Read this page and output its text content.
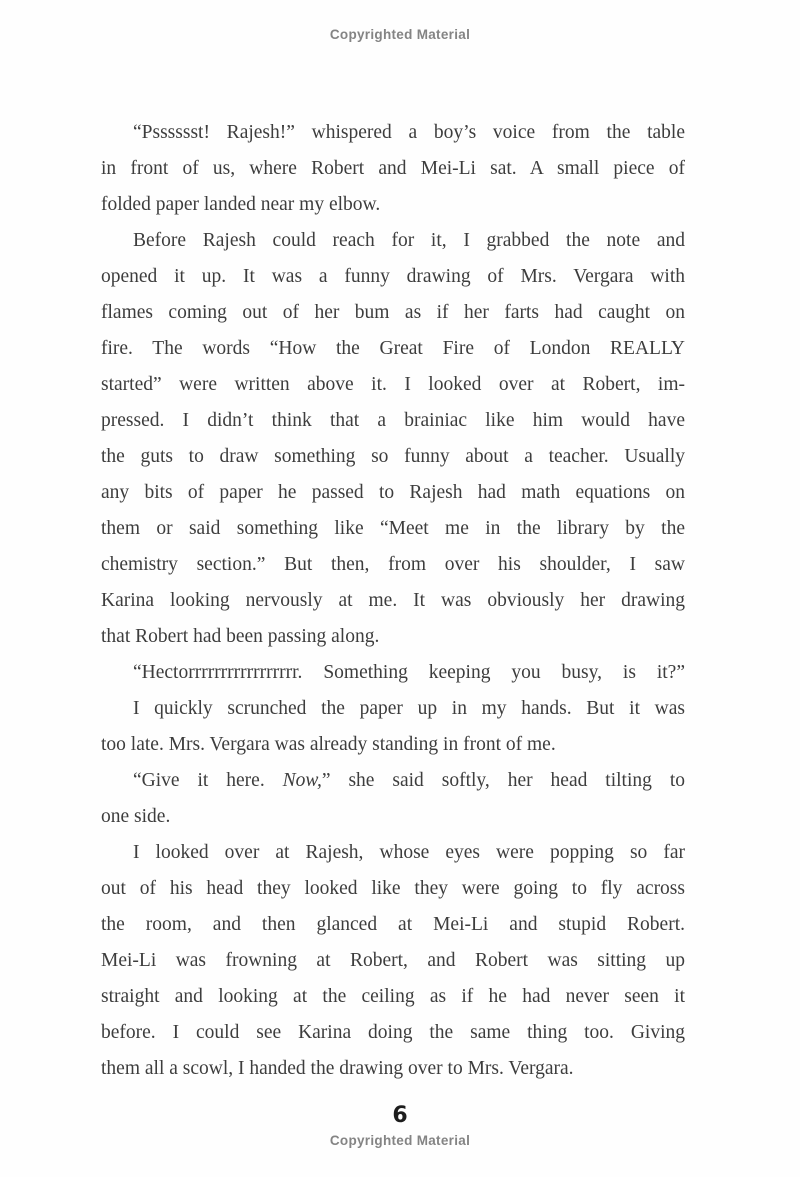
Copyrighted Material
“Psssssst! Rajesh!” whispered a boy’s voice from the table
in front of us, where Robert and Mei-Li sat. A small piece of
folded paper landed near my elbow.
Before Rajesh could reach for it, I grabbed the note and
opened it up. It was a funny drawing of Mrs. Vergara with
flames coming out of her bum as if her farts had caught on
fire. The words “How the Great Fire of London REALLY
started” were written above it. I looked over at Robert, im-
pressed. I didn’t think that a brainiac like him would have
the guts to draw something so funny about a teacher. Usually
any bits of paper he passed to Rajesh had math equations on
them or said something like “Meet me in the library by the
chemistry section.” But then, from over his shoulder, I saw
Karina looking nervously at me. It was obviously her drawing
that Robert had been passing along.
“Hectorrrrrrrrrrrrrrrrr. Something keeping you busy, is it?”
I quickly scrunched the paper up in my hands. But it was
too late. Mrs. Vergara was already standing in front of me.
“Give it here. Now,” she said softly, her head tilting to
one side.
I looked over at Rajesh, whose eyes were popping so far
out of his head they looked like they were going to fly across
the room, and then glanced at Mei-Li and stupid Robert.
Mei-Li was frowning at Robert, and Robert was sitting up
straight and looking at the ceiling as if he had never seen it
before. I could see Karina doing the same thing too. Giving
them all a scowl, I handed the drawing over to Mrs. Vergara.
6
Copyrighted Material
